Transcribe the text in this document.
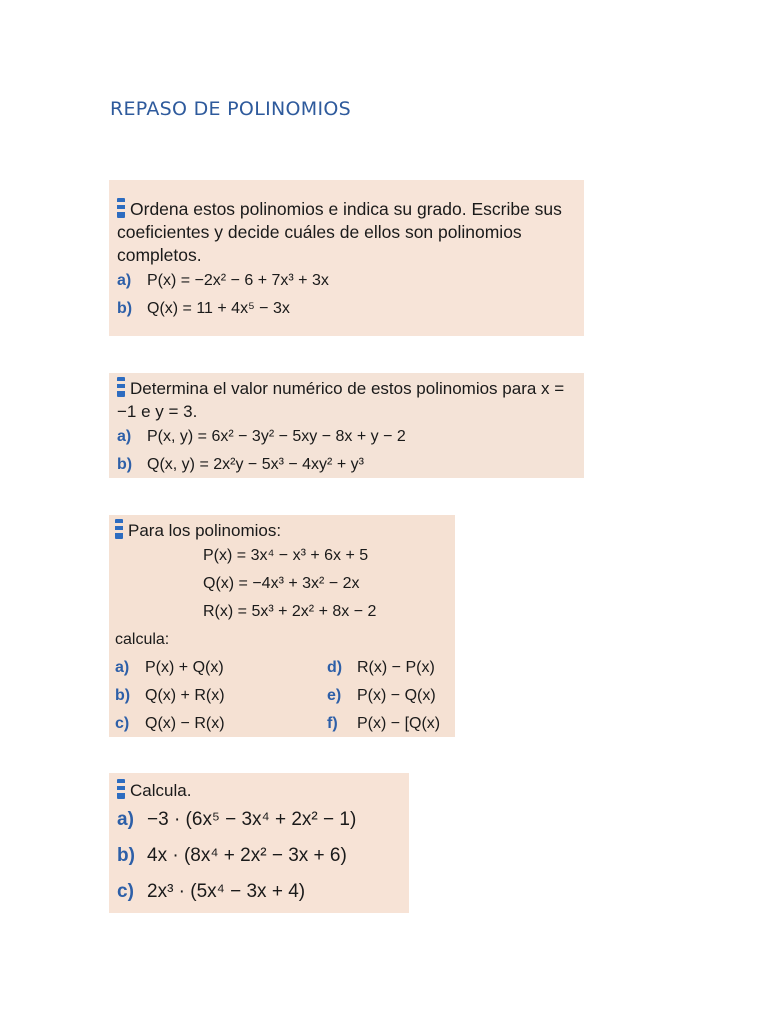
REPASO DE POLINOMIOS

Ordena estos polinomios e indica su grado. Escribe sus coeficientes y decide cuáles de ellos son polinomios completos.

a) P(x) = −2x² − 6 + 7x³ + 3x
b) Q(x) = 11 + 4x⁵ − 3x

Determina el valor numérico de estos polinomios para x = −1 e y = 3.

a) P(x, y) = 6x² − 3y² − 5xy − 8x + y − 2
b) Q(x, y) = 2x²y − 5x³ − 4xy² + y³

Para los polinomios:

P(x) = 3x⁴ − x³ + 6x + 5
Q(x) = −4x³ + 3x² − 2x
R(x) = 5x³ + 2x² + 8x − 2
calcula:
a) P(x) + Q(x)	d) R(x) − P(x)
b) Q(x) + R(x)	e) P(x) − Q(x)
c) Q(x) − R(x)	f) P(x) − [Q(x)

Calcula.

a) −3 · (6x⁵ − 3x⁴ + 2x² − 1)
b) 4x · (8x⁴ + 2x² − 3x + 6)
c) 2x³ · (5x⁴ − 3x + 4)
